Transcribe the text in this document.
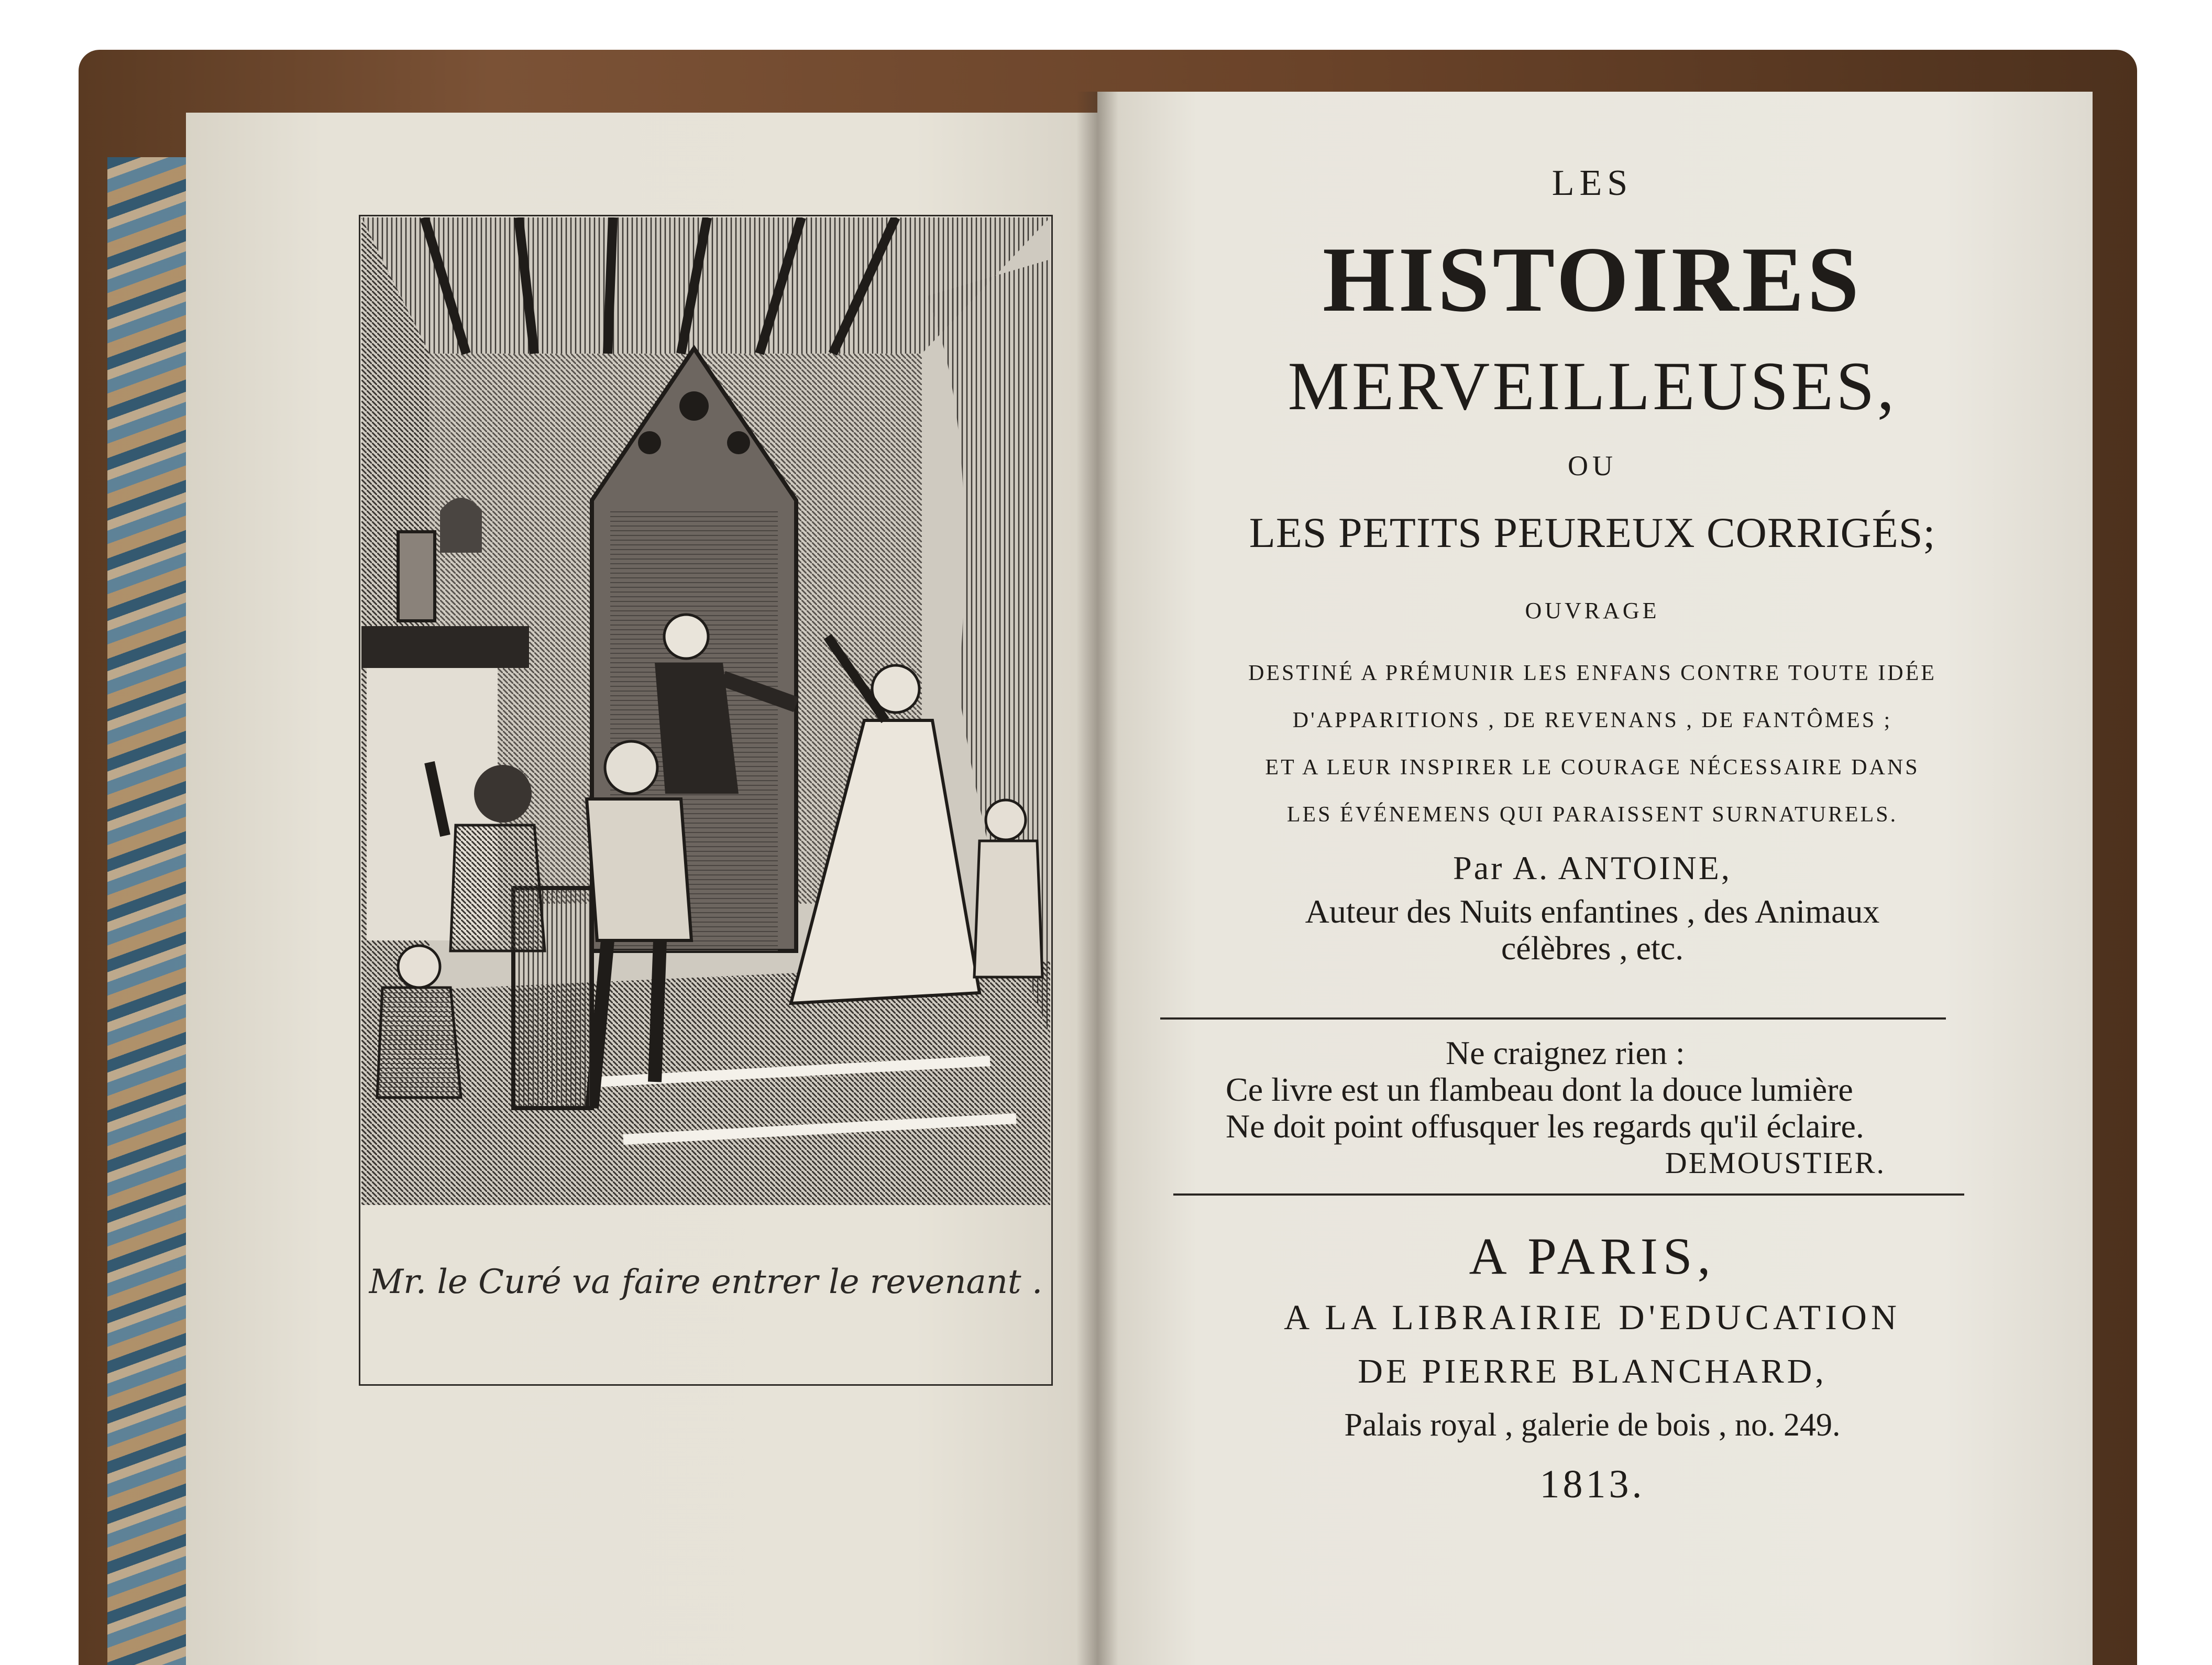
Mr. le Curé va faire entrer le revenant .
LES
HISTOIRES
MERVEILLEUSES,
OU
LES PETITS PEUREUX CORRIGÉS;
OUVRAGE
DESTINÉ A PRÉMUNIR LES ENFANS CONTRE TOUTE IDÉE
D'APPARITIONS , DE REVENANS , DE FANTÔMES ;
ET A LEUR INSPIRER LE COURAGE NÉCESSAIRE DANS
LES ÉVÉNEMENS QUI PARAISSENT SURNATURELS.
Par A. ANTOINE,
Auteur des Nuits enfantines , des Animaux
célèbres , etc.
Ne craignez rien :
Ce livre est un flambeau dont la douce lumière
Ne doit point offusquer les regards qu'il éclaire.
DEMOUSTIER.
A PARIS,
A LA LIBRAIRIE D'EDUCATION
DE PIERRE BLANCHARD,
Palais royal , galerie de bois , no. 249.
1813.
